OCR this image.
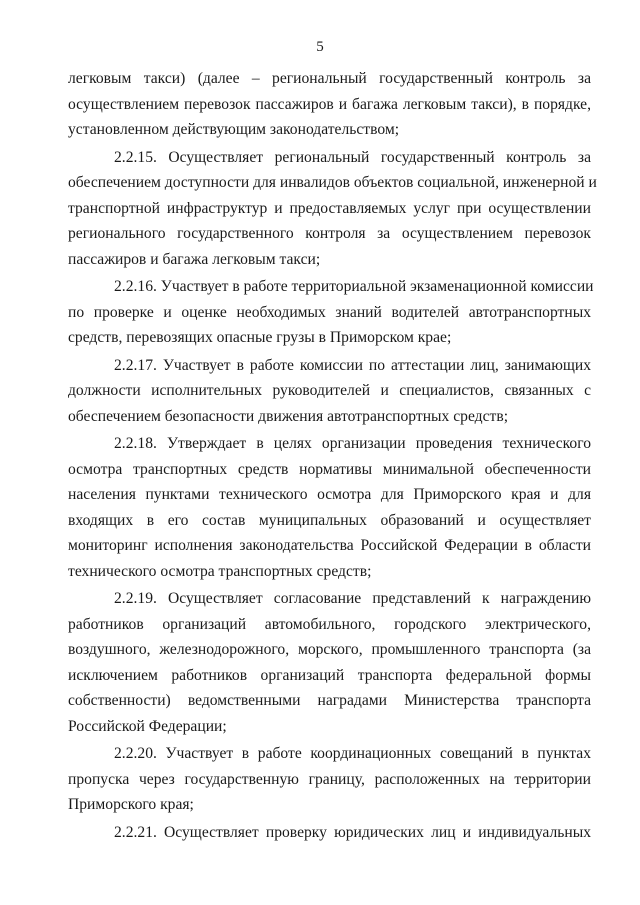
5
легковым такси) (далее – региональный государственный контроль за
осуществлением перевозок пассажиров и багажа легковым такси), в порядке,
установленном действующим законодательством;
2.2.15. Осуществляет региональный государственный контроль за
обеспечением доступности для инвалидов объектов социальной, инженерной и
транспортной инфраструктур и предоставляемых услуг при осуществлении
регионального государственного контроля за осуществлением перевозок
пассажиров и багажа легковым такси;
2.2.16. Участвует в работе территориальной экзаменационной комиссии
по проверке и оценке необходимых знаний водителей автотранспортных
средств, перевозящих опасные грузы в Приморском крае;
2.2.17. Участвует в работе комиссии по аттестации лиц, занимающих
должности исполнительных руководителей и специалистов, связанных с
обеспечением безопасности движения автотранспортных средств;
2.2.18. Утверждает в целях организации проведения технического
осмотра транспортных средств нормативы минимальной обеспеченности
населения пунктами технического осмотра для Приморского края и для
входящих в его состав муниципальных образований и осуществляет
мониторинг исполнения законодательства Российской Федерации в области
технического осмотра транспортных средств;
2.2.19. Осуществляет согласование представлений к награждению
работников организаций автомобильного, городского электрического,
воздушного, железнодорожного, морского, промышленного транспорта (за
исключением работников организаций транспорта федеральной формы
собственности) ведомственными наградами Министерства транспорта
Российской Федерации;
2.2.20. Участвует в работе координационных совещаний в пунктах
пропуска через государственную границу, расположенных на территории
Приморского края;
2.2.21. Осуществляет проверку юридических лиц и индивидуальных
